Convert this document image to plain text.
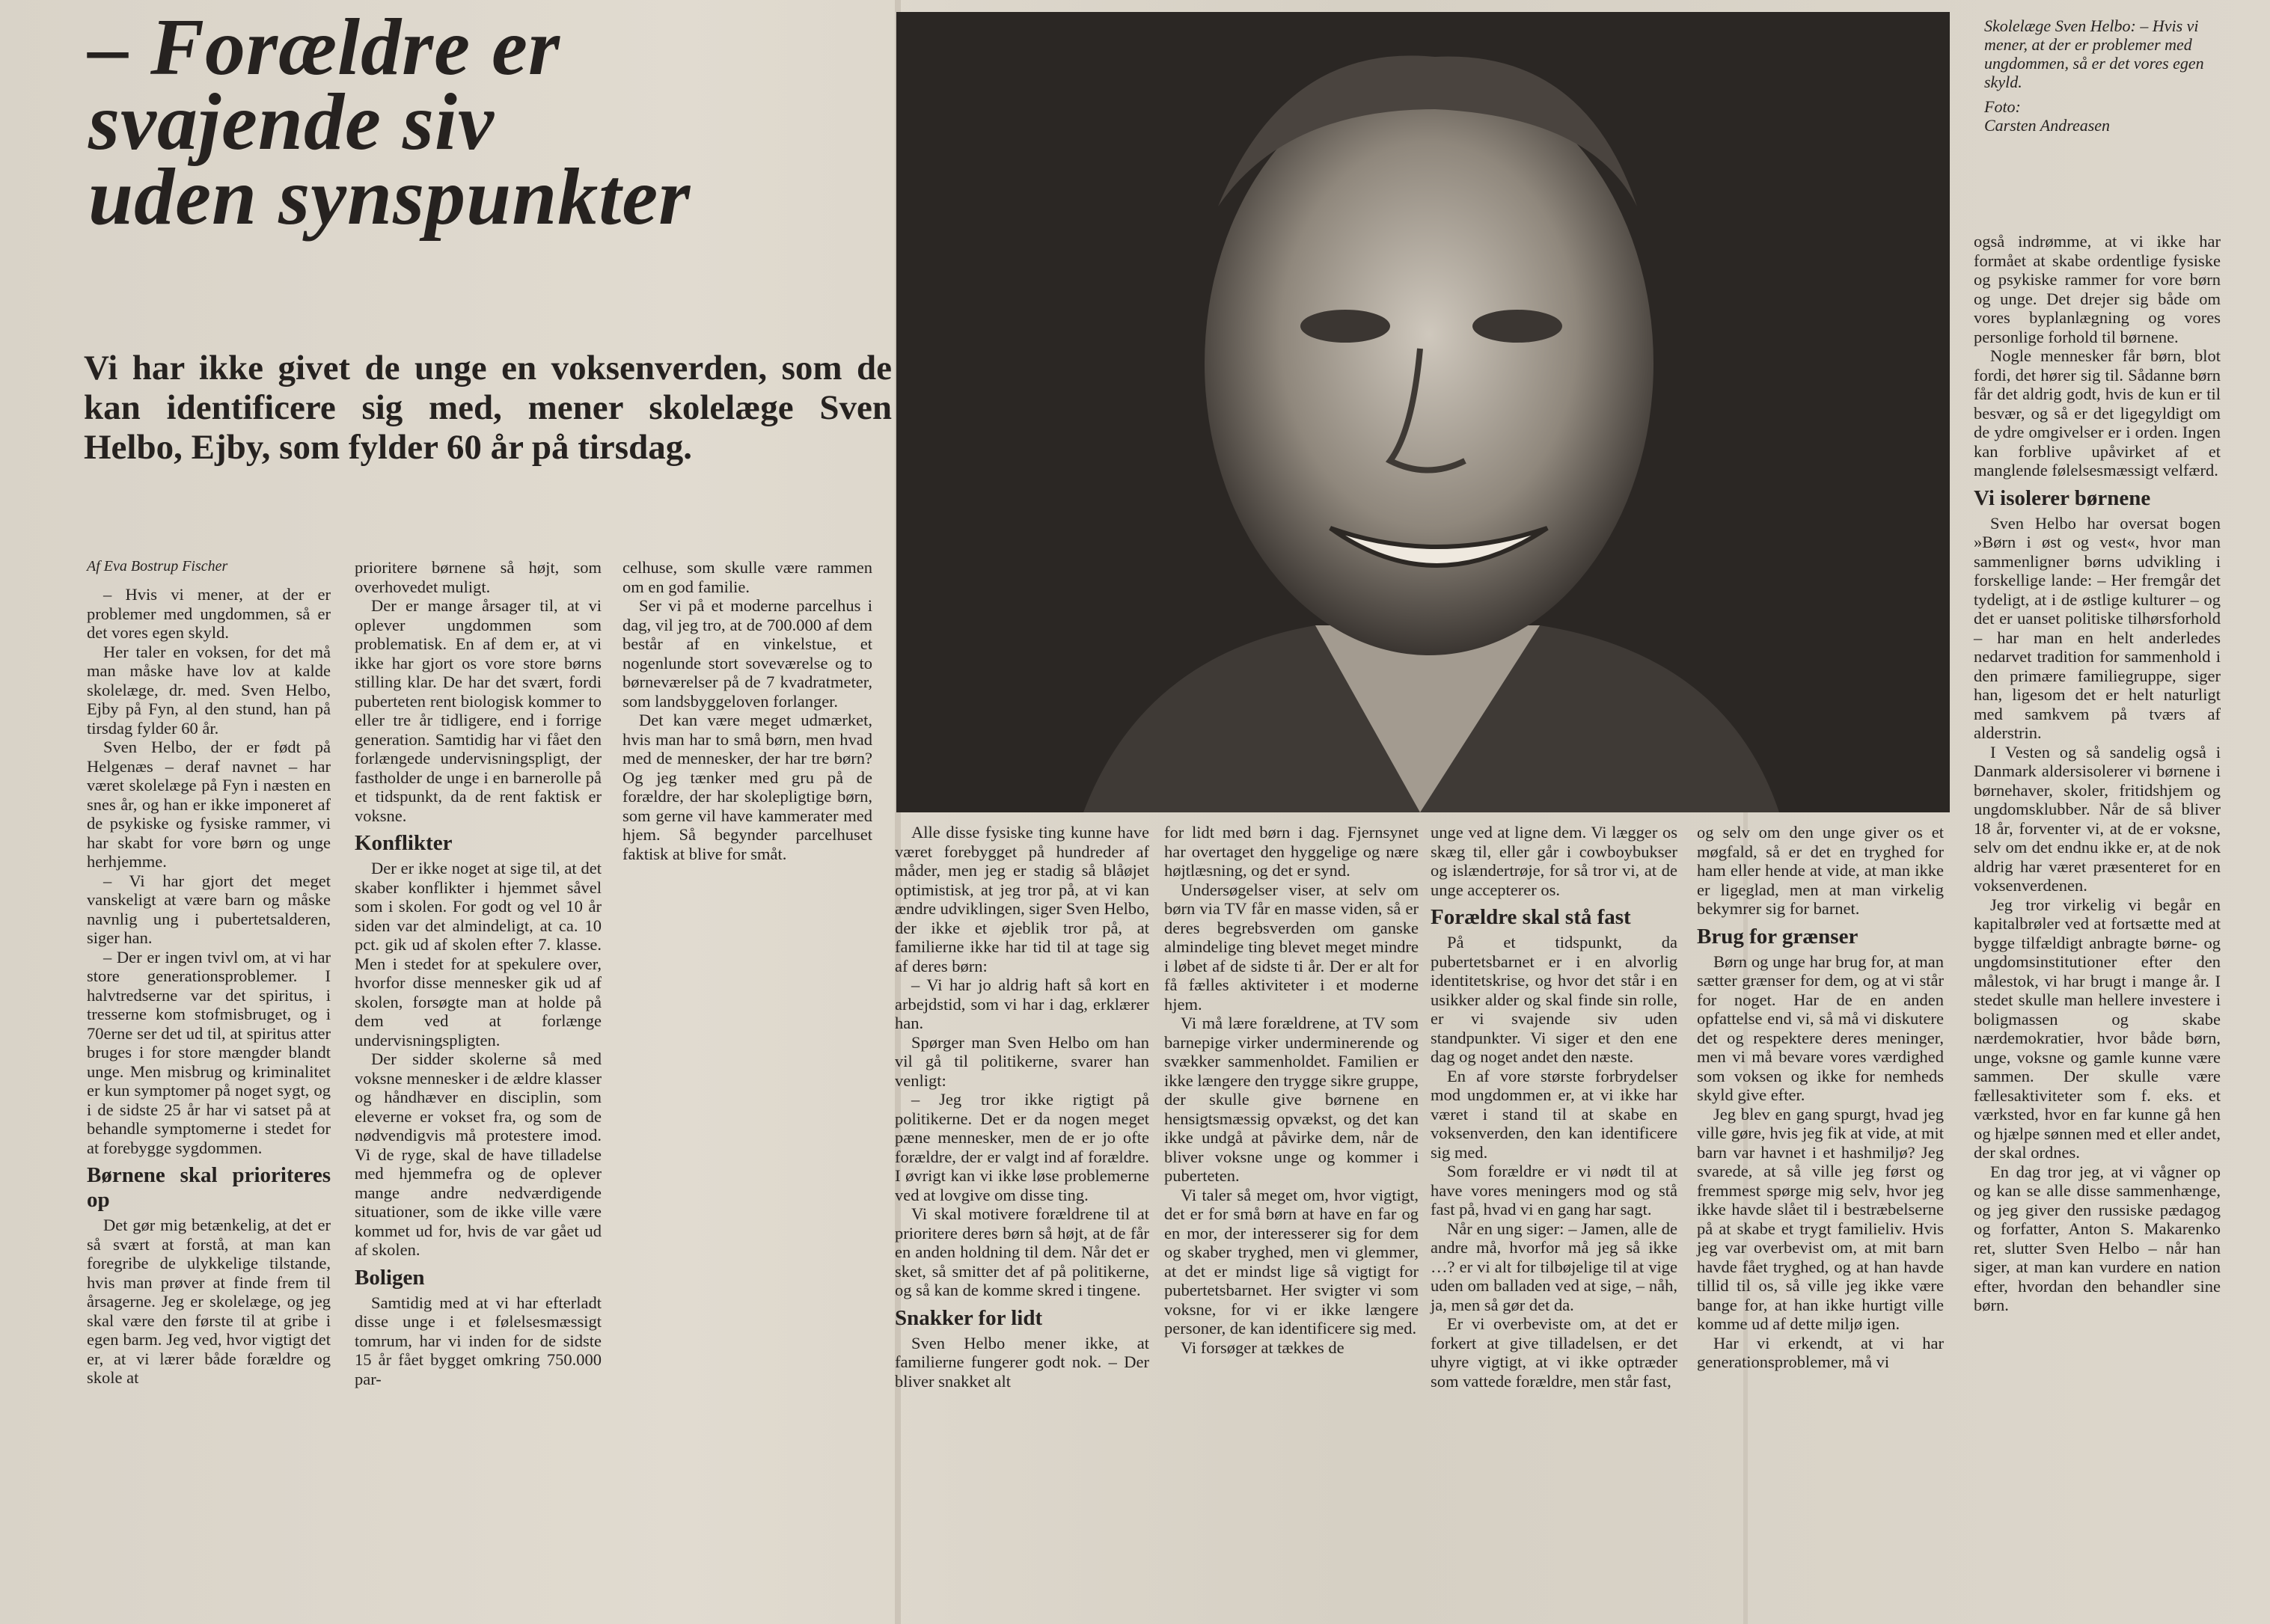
– Forældre er
svajende siv
uden synspunkter
Vi har ikke givet de unge en voksenverden, som de kan identificere sig med, mener skolelæge Sven Helbo, Ejby, som fylder 60 år på tirsdag.
Af Eva Bostrup Fischer

Skolelæge Sven Helbo: – Hvis vi mener, at der er problemer med ungdommen, så er det vores egen skyld.

Foto:
Carsten Andreasen

– Hvis vi mener, at der er problemer med ungdommen, så er det vores egen skyld.

Her taler en voksen, for det må man måske have lov at kalde skolelæge, dr. med. Sven Helbo, Ejby på Fyn, al den stund, han på tirsdag fylder 60 år.

Sven Helbo, der er født på Helgenæs – deraf navnet – har været skolelæge på Fyn i næsten en snes år, og han er ikke imponeret af de psykiske og fysiske rammer, vi har skabt for vore børn og unge herhjemme.

– Vi har gjort det meget vanskeligt at være barn og måske navnlig ung i pubertetsalderen, siger han.

– Der er ingen tvivl om, at vi har store generationsproblemer. I halvtredserne var det spiritus, i tresserne kom stofmisbruget, og i 70erne ser det ud til, at spiritus atter bruges i for store mængder blandt unge. Men misbrug og kriminalitet er kun symptomer på noget sygt, og i de sidste 25 år har vi satset på at behandle symptomerne i stedet for at forebygge sygdommen.

Børnene skal prioriteres op

Det gør mig betænkelig, at det er så svært at forstå, at man kan foregribe de ulykkelige tilstande, hvis man prøver at finde frem til årsagerne. Jeg er skolelæge, og jeg skal være den første til at gribe i egen barm. Jeg ved, hvor vigtigt det er, at vi lærer både forældre og skole at

prioritere børnene så højt, som overhovedet muligt.

Der er mange årsager til, at vi oplever ungdommen som problematisk. En af dem er, at vi ikke har gjort os vore store børns stilling klar. De har det svært, fordi puberteten rent biologisk kommer to eller tre år tidligere, end i forrige generation. Samtidig har vi fået den forlængede undervisningspligt, der fastholder de unge i en barnerolle på et tidspunkt, da de rent faktisk er voksne.

Konflikter

Der er ikke noget at sige til, at det skaber konflikter i hjemmet såvel som i skolen. For godt og vel 10 år siden var det almindeligt, at ca. 10 pct. gik ud af skolen efter 7. klasse. Men i stedet for at spekulere over, hvorfor disse mennesker gik ud af skolen, forsøgte man at holde på dem ved at forlænge undervisningspligten.

Der sidder skolerne så med voksne mennesker i de ældre klasser og håndhæver en disciplin, som eleverne er vokset fra, og som de nødvendigvis må protestere imod. Vi de ryge, skal de have tilladelse med hjemmefra og de oplever mange andre nedværdigende situationer, som de ikke ville være kommet ud for, hvis de var gået ud af skolen.

Boligen

Samtidig med at vi har efterladt disse unge i et følelsesmæssigt tomrum, har vi inden for de sidste 15 år fået bygget omkring 750.000 par-

celhuse, som skulle være rammen om en god familie.

Ser vi på et moderne parcelhus i dag, vil jeg tro, at de 700.000 af dem består af en vinkelstue, et nogenlunde stort soveværelse og to børneværelser på de 7 kvadratmeter, som landsbyggeloven forlanger.

Det kan være meget udmærket, hvis man har to små børn, men hvad med de mennesker, der har tre børn? Og jeg tænker med gru på de forældre, der har skolepligtige børn, som gerne vil have kammerater med hjem. Så begynder parcelhuset faktisk at blive for småt.

Alle disse fysiske ting kunne have været forebygget på hundreder af måder, men jeg er stadig så blåøjet optimistisk, at jeg tror på, at vi kan ændre udviklingen, siger Sven Helbo, der ikke et øjeblik tror på, at familierne ikke har tid til at tage sig af deres børn:

– Vi har jo aldrig haft så kort en arbejdstid, som vi har i dag, erklærer han.

Spørger man Sven Helbo om han vil gå til politikerne, svarer han venligt:

– Jeg tror ikke rigtigt på politikerne. Det er da nogen meget pæne mennesker, men de er jo ofte forældre, der er valgt ind af forældre. I øvrigt kan vi ikke løse problemerne ved at lovgive om disse ting.

Vi skal motivere forældrene til at prioritere deres børn så højt, at de får en anden holdning til dem. Når det er sket, så smitter det af på politikerne, og så kan de komme skred i tingene.

Snakker for lidt

Sven Helbo mener ikke, at familierne fungerer godt nok. – Der bliver snakket alt

for lidt med børn i dag. Fjernsynet har overtaget den hyggelige og nære højtlæsning, og det er synd.

Undersøgelser viser, at selv om børn via TV får en masse viden, så er deres begrebsverden om ganske almindelige ting blevet meget mindre i løbet af de sidste ti år. Der er alt for få fælles aktiviteter i et moderne hjem.

Vi må lære forældrene, at TV som barnepige virker underminerende og svækker sammenholdet. Familien er ikke længere den trygge sikre gruppe, der skulle give børnene en hensigtsmæssig opvækst, og det kan ikke undgå at påvirke dem, når de bliver voksne unge og kommer i puberteten.

Vi taler så meget om, hvor vigtigt, det er for små børn at have en far og en mor, der interesserer sig for dem og skaber tryghed, men vi glemmer, at det er mindst lige så vigtigt for pubertetsbarnet. Her svigter vi som voksne, for vi er ikke længere personer, de kan identificere sig med.

Vi forsøger at tækkes de

unge ved at ligne dem. Vi lægger os skæg til, eller går i cowboybukser og islændertrøje, for så tror vi, at de unge accepterer os.

Forældre skal stå fast

På et tidspunkt, da pubertetsbarnet er i en alvorlig identitetskrise, og hvor det står i en usikker alder og skal finde sin rolle, er vi svajende siv uden standpunkter. Vi siger et den ene dag og noget andet den næste.

En af vore største forbrydelser mod ungdommen er, at vi ikke har været i stand til at skabe en voksenverden, den kan identificere sig med.

Som forældre er vi nødt til at have vores meningers mod og stå fast på, hvad vi en gang har sagt.

Når en ung siger: – Jamen, alle de andre må, hvorfor må jeg så ikke …? er vi alt for tilbøjelige til at vige uden om balladen ved at sige, – nåh, ja, men så gør det da.

Er vi overbeviste om, at det er forkert at give tilladelsen, er det uhyre vigtigt, at vi ikke optræder som vattede forældre, men står fast,

og selv om den unge giver os et møgfald, så er det en tryghed for ham eller hende at vide, at man ikke er ligeglad, men at man virkelig bekymrer sig for barnet.

Brug for grænser

Børn og unge har brug for, at man sætter grænser for dem, og at vi står for noget. Har de en anden opfattelse end vi, så må vi diskutere det og respektere deres meninger, men vi må bevare vores værdighed som voksen og ikke for nemheds skyld give efter.

Jeg blev en gang spurgt, hvad jeg ville gøre, hvis jeg fik at vide, at mit barn var havnet i et hashmiljø? Jeg svarede, at så ville jeg først og fremmest spørge mig selv, hvor jeg ikke havde slået til i bestræbelserne på at skabe et trygt familieliv. Hvis jeg var overbevist om, at mit barn havde fået tryghed, og at han havde tillid til os, så ville jeg ikke være bange for, at han ikke hurtigt ville komme ud af dette miljø igen.

Har vi erkendt, at vi har generationsproblemer, må vi

også indrømme, at vi ikke har formået at skabe ordentlige fysiske og psykiske rammer for vore børn og unge. Det drejer sig både om vores byplanlægning og vores personlige forhold til børnene.

Nogle mennesker får børn, blot fordi, det hører sig til. Sådanne børn får det aldrig godt, hvis de kun er til besvær, og så er det ligegyldigt om de ydre omgivelser er i orden. Ingen kan forblive upåvirket af et manglende følelsesmæssigt velfærd.

Vi isolerer børnene

Sven Helbo har oversat bogen »Børn i øst og vest«, hvor man sammenligner børns udvikling i forskellige lande: – Her fremgår det tydeligt, at i de østlige kulturer – og det er uanset politiske tilhørsforhold – har man en helt anderledes nedarvet tradition for sammenhold i den primære familiegruppe, siger han, ligesom det er helt naturligt med samkvem på tværs af alderstrin.

I Vesten og så sandelig også i Danmark aldersisolerer vi børnene i børnehaver, skoler, fritidshjem og ungdomsklubber. Når de så bliver 18 år, forventer vi, at de er voksne, selv om det endnu ikke er, at de nok aldrig har været præsenteret for en voksenverdenen.

Jeg tror virkelig vi begår en kapitalbrøler ved at fortsætte med at bygge tilfældigt anbragte børne- og ungdomsinstitutioner efter den målestok, vi har brugt i mange år. I stedet skulle man hellere investere i boligmassen og skabe nærdemokratier, hvor både børn, unge, voksne og gamle kunne være sammen. Der skulle være fællesaktiviteter som f. eks. et værksted, hvor en far kunne gå hen og hjælpe sønnen med et eller andet, der skal ordnes.

En dag tror jeg, at vi vågner op og kan se alle disse sammenhænge, og jeg giver den russiske pædagog og forfatter, Anton S. Makarenko ret, slutter Sven Helbo – når han siger, at man kan vurdere en nation efter, hvordan den behandler sine børn.
